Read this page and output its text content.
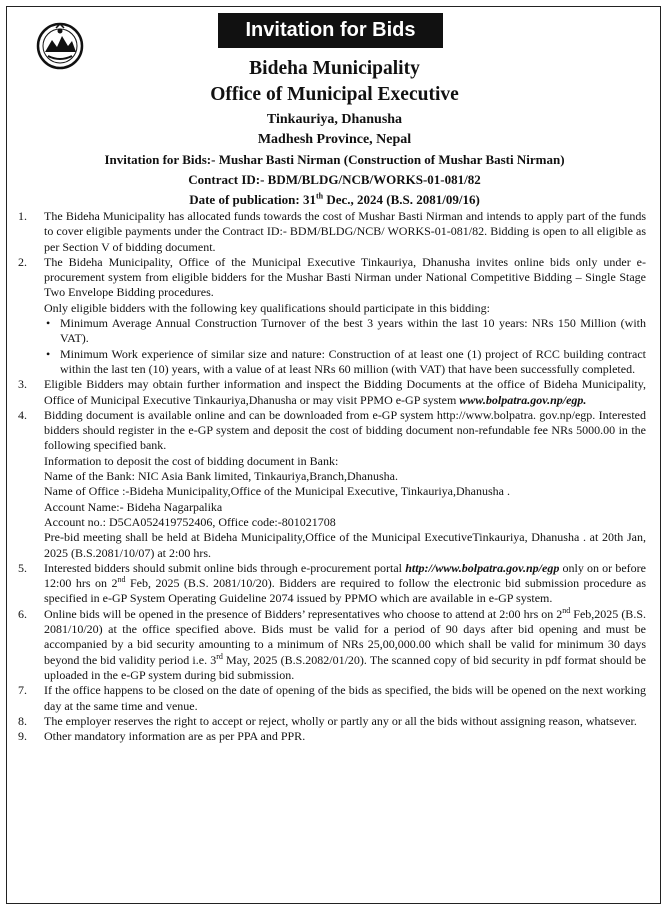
Invitation for Bids
Bideha Municipality
Office of Municipal Executive
Tinkauriya, Dhanusha
Madhesh Province, Nepal
Invitation for Bids:- Mushar Basti Nirman (Construction of Mushar Basti Nirman)
Contract ID:- BDM/BLDG/NCB/WORKS-01-081/82
Date of publication: 31th Dec., 2024 (B.S. 2081/09/16)
1.	The Bideha Municipality has allocated funds towards the cost of Mushar Basti Nirman and intends to apply part of the funds to cover eligible payments under the Contract ID:- BDM/BLDG/NCB/ WORKS-01-081/82. Bidding is open to all eligible as per Section V of bidding document.
2.	The Bideha Municipality, Office of the Municipal Executive Tinkauriya, Dhanusha invites online bids only under e-procurement system from eligible bidders for the Mushar Basti Nirman under National Competitive Bidding – Single Stage Two Envelope Bidding procedures.
Only eligible bidders with the following key qualifications should participate in this bidding:
• Minimum Average Annual Construction Turnover of the best 3 years within the last 10 years: NRs 150 Million (with VAT).
• Minimum Work experience of similar size and nature: Construction of at least one (1) project of RCC building contract within the last ten (10) years, with a value of at least NRs 60 million (with VAT) that have been successfully completed.
3.	Eligible Bidders may obtain further information and inspect the Bidding Documents at the office of Bideha Municipality, Office of Municipal Executive Tinkauriya,Dhanusha or may visit PPMO e-GP system www.bolpatra.gov.np/egp.
4.	Bidding document is available online and can be downloaded from e-GP system http://www.bolpatra. gov.np/egp. Interested bidders should register in the e-GP system and deposit the cost of bidding document non-refundable fee NRs 5000.00 in the following specified bank.
Information to deposit the cost of bidding document in Bank:
Name of the Bank: NIC Asia Bank limited, Tinkauriya,Branch,Dhanusha.
Name of Office :-Bideha Municipality,Office of the Municipal Executive, Tinkauriya,Dhanusha .
Account Name:- Bideha Nagarpalika
Account no.: D5CA052419752406, Office code:-801021708
Pre-bid meeting shall be held at Bideha Municipality,Office of the Municipal ExecutiveTinkauriya, Dhanusha . at 20th Jan, 2025 (B.S.2081/10/07) at 2:00 hrs.
5.	Interested bidders should submit online bids through e-procurement portal http://www.bolpatra.gov.np/egp only on or before 12:00 hrs on 2nd Feb, 2025 (B.S. 2081/10/20). Bidders are required to follow the electronic bid submission procedure as specified in e-GP System Operating Guideline 2074 issued by PPMO which are available in e-GP system.
6.	Online bids will be opened in the presence of Bidders’ representatives who choose to attend at 2:00 hrs on 2nd Feb,2025 (B.S. 2081/10/20) at the office specified above. Bids must be valid for a period of 90 days after bid opening and must be accompanied by a bid security amounting to a minimum of NRs 25,00,000.00 which shall be valid for minimum 30 days beyond the bid validity period i.e. 3rd May, 2025 (B.S.2082/01/20). The scanned copy of bid security in pdf format should be uploaded in the e-GP system during bid submission.
7.	If the office happens to be closed on the date of opening of the bids as specified, the bids will be opened on the next working day at the same time and venue.
8.	The employer reserves the right to accept or reject, wholly or partly any or all the bids without assigning reason, whatsever.
9.	Other mandatory information are as per PPA and PPR.
